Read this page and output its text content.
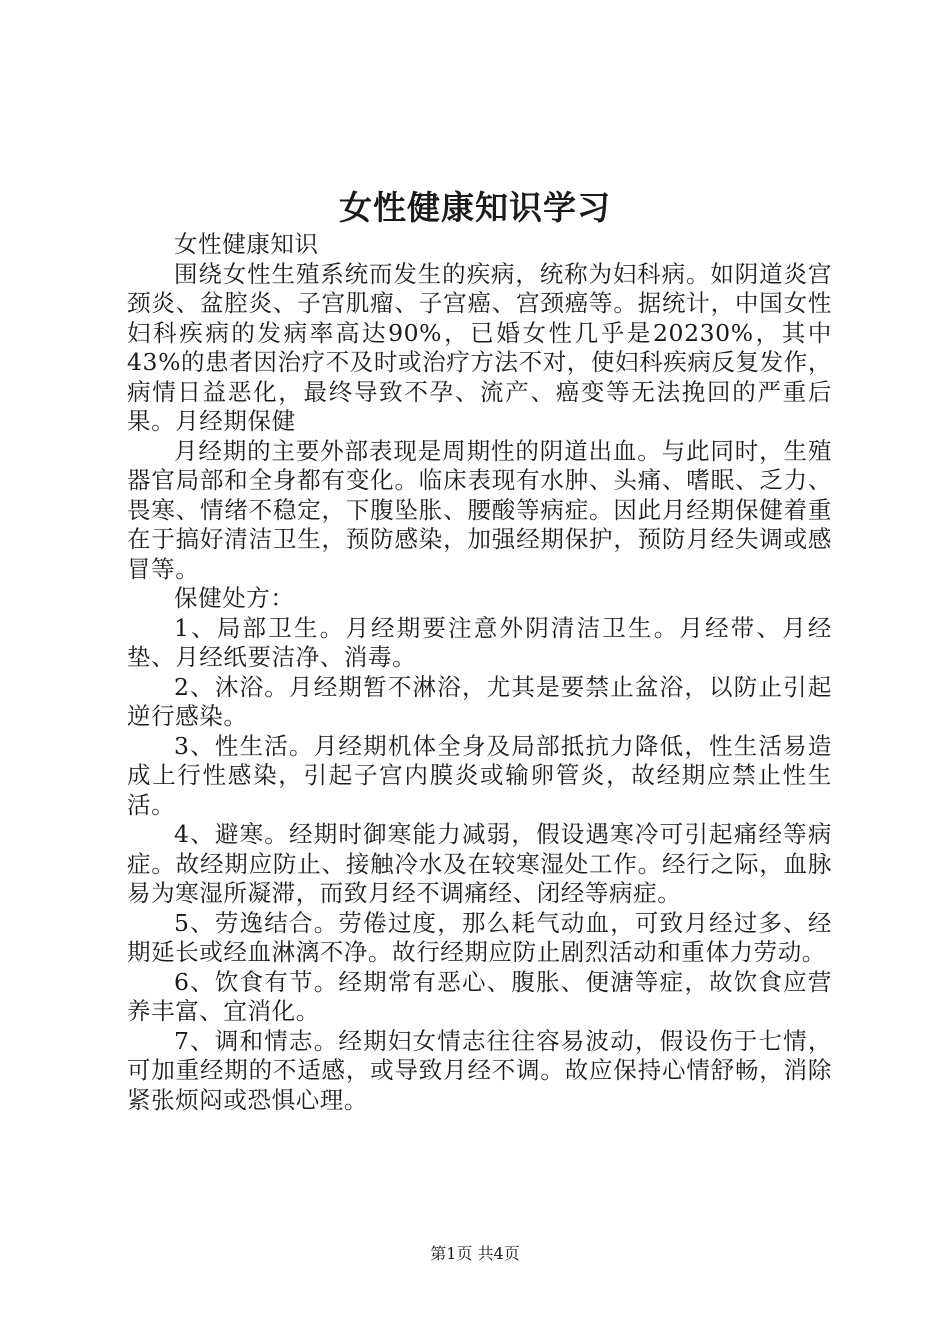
女性健康知识学习

女性健康知识

围绕女性生殖系统而发生的疾病，统称为妇科病。如阴道炎宫颈炎、盆腔炎、子宫肌瘤、子宫癌、宫颈癌等。据统计，中国女性妇科疾病的发病率高达90%，已婚女性几乎是20230%，其中43%的患者因治疗不及时或治疗方法不对，使妇科疾病反复发作，病情日益恶化，最终导致不孕、流产、癌变等无法挽回的严重后果。月经期保健

月经期的主要外部表现是周期性的阴道出血。与此同时，生殖器官局部和全身都有变化。临床表现有水肿、头痛、嗜眠、乏力、畏寒、情绪不稳定，下腹坠胀、腰酸等病症。因此月经期保健着重在于搞好清洁卫生，预防感染，加强经期保护，预防月经失调或感冒等。

保健处方：

1、局部卫生。月经期要注意外阴清洁卫生。月经带、月经垫、月经纸要洁净、消毒。

2、沐浴。月经期暂不淋浴，尤其是要禁止盆浴，以防止引起逆行感染。

3、性生活。月经期机体全身及局部抵抗力降低，性生活易造成上行性感染，引起子宫内膜炎或输卵管炎，故经期应禁止性生活。

4、避寒。经期时御寒能力减弱，假设遇寒冷可引起痛经等病症。故经期应防止、接触冷水及在较寒湿处工作。经行之际，血脉易为寒湿所凝滞，而致月经不调痛经、闭经等病症。

5、劳逸结合。劳倦过度，那么耗气动血，可致月经过多、经期延长或经血淋漓不净。故行经期应防止剧烈活动和重体力劳动。

6、饮食有节。经期常有恶心、腹胀、便溏等症，故饮食应营养丰富、宜消化。

7、调和情志。经期妇女情志往往容易波动，假设伤于七情，可加重经期的不适感，或导致月经不调。故应保持心情舒畅，消除紧张烦闷或恐惧心理。

第1页 共4页
